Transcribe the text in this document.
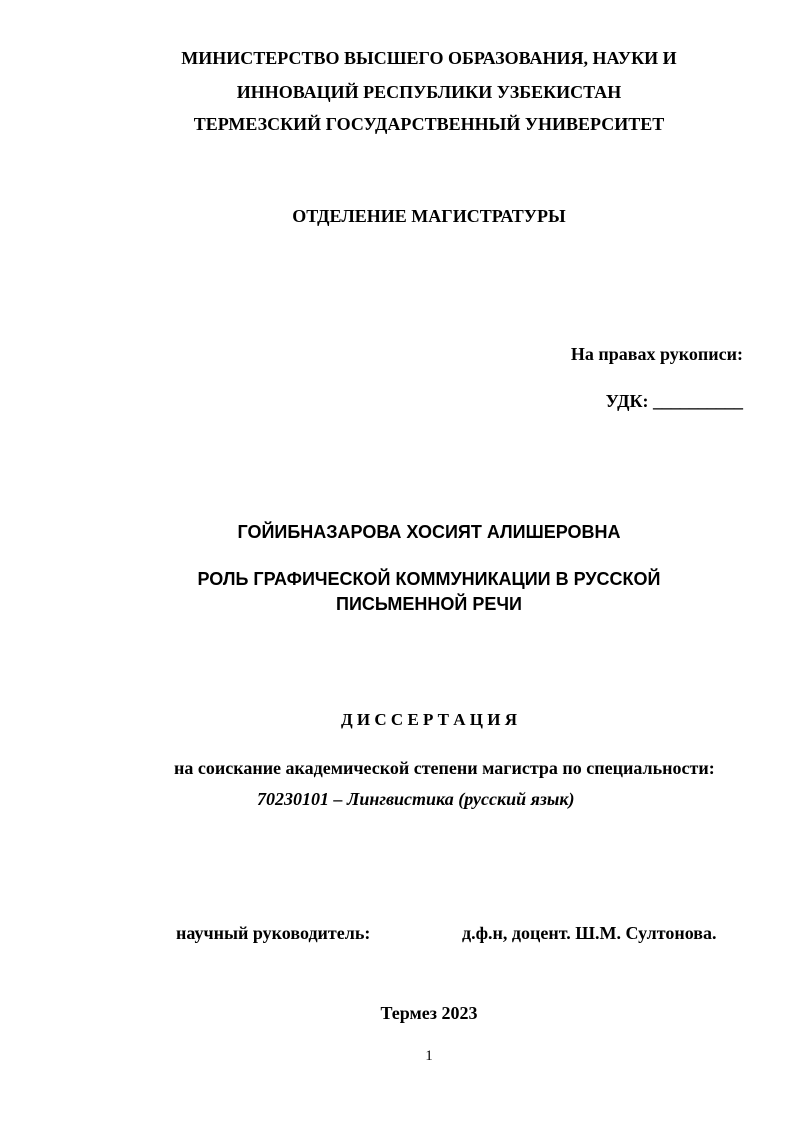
МИНИСТЕРСТВО ВЫСШЕГО ОБРАЗОВАНИЯ, НАУКИ И
ИННОВАЦИЙ РЕСПУБЛИКИ УЗБЕКИСТАН
ТЕРМЕЗСКИЙ ГОСУДАРСТВЕННЫЙ УНИВЕРСИТЕТ
ОТДЕЛЕНИЕ МАГИСТРАТУРЫ
На правах рукописи:
УДК: __________
ГОЙИБНАЗАРОВА ХОСИЯТ АЛИШЕРОВНА
РОЛЬ ГРАФИЧЕСКОЙ КОММУНИКАЦИИ В РУССКОЙ
ПИСЬМЕННОЙ РЕЧИ
Д И С С Е Р Т А Ц И Я
на соискание академической степени магистра по специальности:
70230101 – Лингвистика (русский язык)
научный руководитель:	д.ф.н, доцент. Ш.М. Султонова.
Термез 2023
1
